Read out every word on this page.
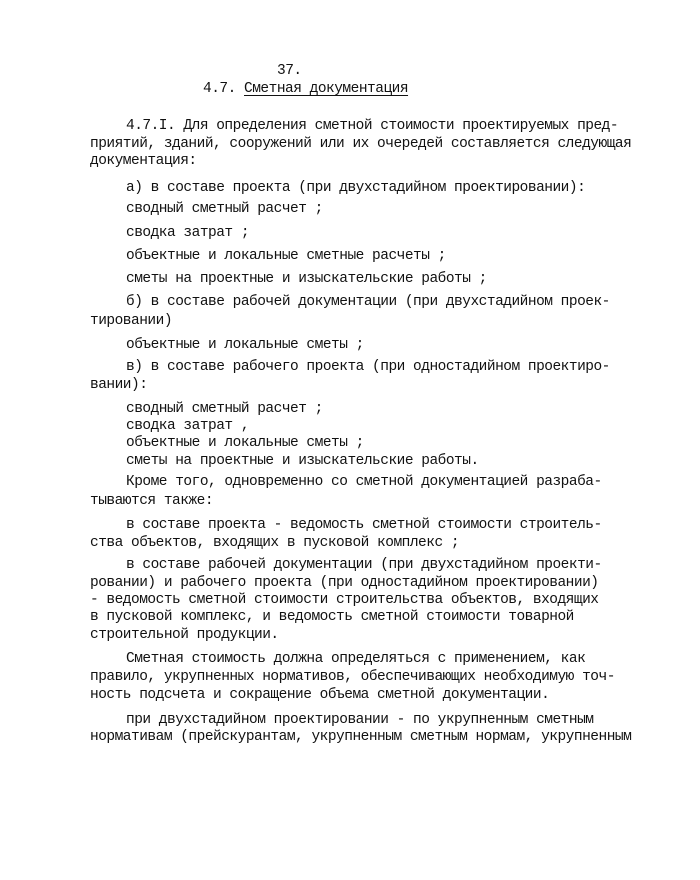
37.
4.7. Сметная документация
4.7.I. Для определения сметной стоимости проектируемых пред-
приятий, зданий, сооружений или их очередей составляется следующая
документация:
а) в составе проекта (при двухстадийном проектировании):
сводный сметный расчет ;
сводка затрат ;
объектные и локальные сметные расчеты ;
сметы на проектные и изыскательские работы ;
б) в составе рабочей документации (при двухстадийном проек-
тировании)
объектные и локальные сметы ;
в) в составе рабочего проекта (при одностадийном проектиро-
вании):
сводный сметный расчет ;
сводка затрат ,
объектные и локальные сметы ;
сметы на проектные и изыскательские работы.
Кроме того, одновременно со сметной документацией разраба-
тываются также:
в составе проекта - ведомость сметной стоимости строитель-
ства объектов, входящих в пусковой комплекс ;
в составе рабочей документации (при двухстадийном проекти-
ровании) и рабочего проекта (при одностадийном проектировании)
- ведомость сметной стоимости строительства объектов, входящих
в пусковой комплекс, и ведомость сметной стоимости товарной
строительной продукции.
Сметная стоимость должна определяться с применением, как
правило, укрупненных нормативов, обеспечивающих необходимую точ-
ность подсчета и сокращение объема сметной документации.
при двухстадийном проектировании - по укрупненным сметным
нормативам (прейскурантам, укрупненным сметным нормам, укрупненным
